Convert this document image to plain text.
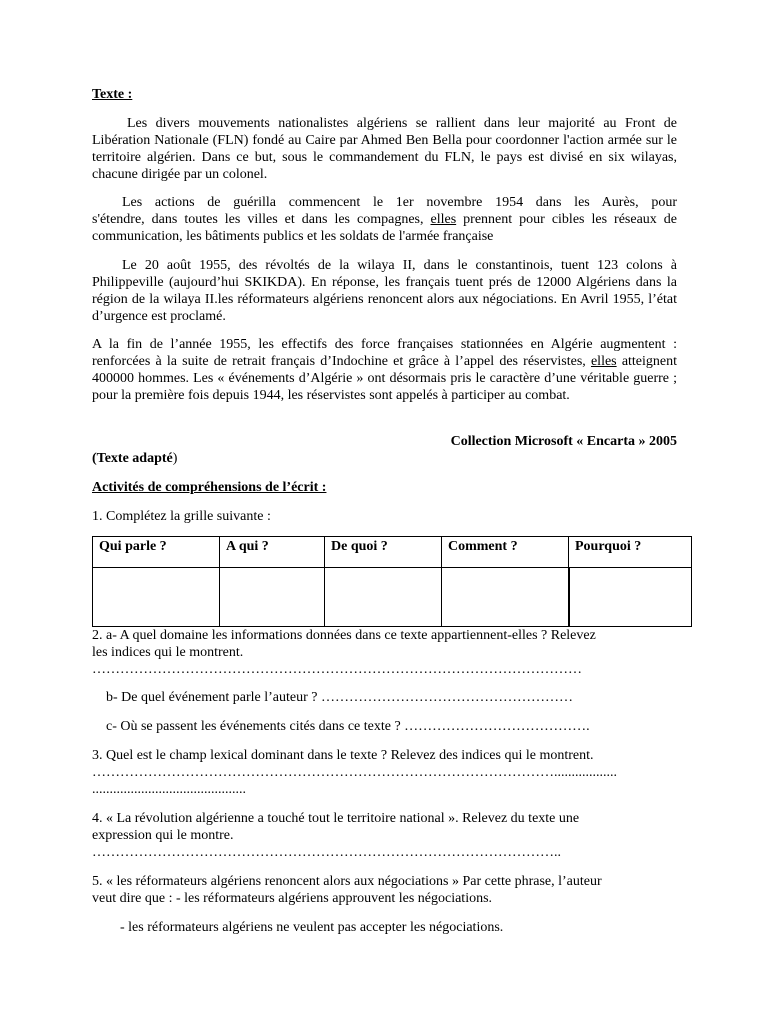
Texte :

Les divers mouvements nationalistes algériens se rallient dans leur majorité au Front de

Libération Nationale (FLN) fondé au Caire par Ahmed Ben Bella pour coordonner l'action armée sur le territoire algérien. Dans ce but, sous le commandement du FLN, le pays est divisé en six wilayas, chacune dirigée par un colonel.

Les actions de guérilla commencent le 1er novembre 1954 dans les Aurès, pour

s'étendre, dans toutes les villes et dans les compagnes, elles prennent pour cibles les réseaux de communication, les bâtiments publics et les soldats de l'armée française

Le 20 août 1955, des révoltés de la wilaya II, dans le constantinois, tuent 123 colons à

Philippeville (aujourd’hui SKIKDA). En réponse, les français tuent prés de 12000 Algériens dans la région de la wilaya II.les réformateurs algériens renoncent alors aux négociations. En Avril 1955, l’état d’urgence est proclamé.

A la fin de l’année 1955, les effectifs des force françaises stationnées en Algérie augmentent : renforcées à la suite de retrait français d’Indochine et grâce à l’appel des réservistes, elles atteignent 400000 hommes. Les « événements d’Algérie » ont désormais pris le caractère d’une véritable guerre ; pour la première fois depuis 1944, les réservistes sont appelés à participer au combat.

Collection Microsoft « Encarta » 2005

(Texte adapté)

Activités de compréhensions de l’écrit :

1. Complétez la grille suivante :

Qui parle ?	A qui ?	De quoi ?	Comment ?	Pourquoi ?

2. a- A quel domaine les informations données dans ce texte appartiennent-elles ? Relevez

les indices qui le montrent.

……………………………………………………………………………………………

b- De quel événement parle l’auteur ? ………………………………………………

c- Où se passent les événements cités dans ce texte ? ………………………………….

3. Quel est le champ lexical dominant dans le texte ? Relevez des indices qui le montrent.

………………………………………………………………………………………..................

............................................

4. « La révolution algérienne a touché tout le territoire national ». Relevez du texte une

expression qui le montre.

………………………………………………………………………………………..

5. « les réformateurs algériens renoncent alors aux négociations » Par cette phrase, l’auteur

veut dire que : - les réformateurs algériens approuvent les négociations.

- les réformateurs algériens ne veulent pas accepter les négociations.
